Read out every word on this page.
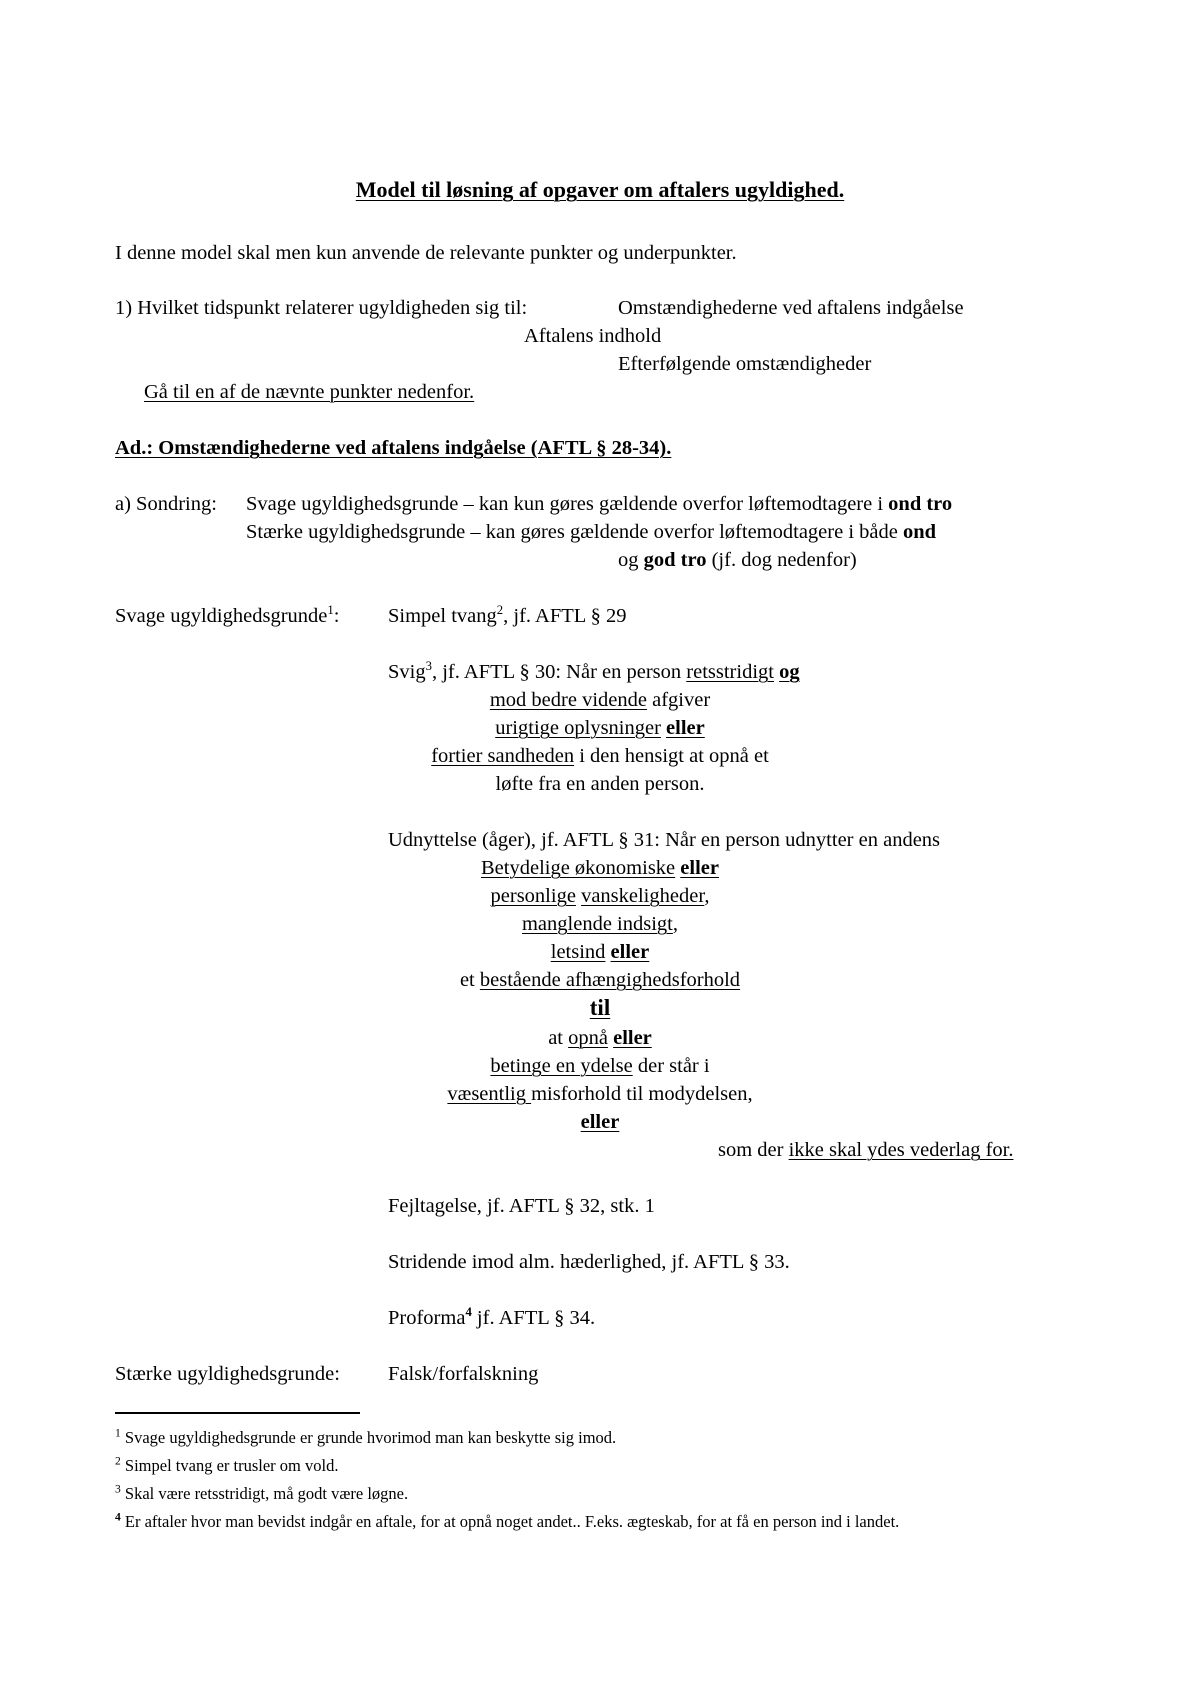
Model til løsning af opgaver om aftalers ugyldighed.
I denne model skal men kun anvende de relevante punkter og underpunkter.
1) Hvilket tidspunkt relaterer ugyldigheden sig til:	Omstændighederne ved aftalens indgåelse
Aftalens indhold
Efterfølgende omstændigheder
Gå til en af de nævnte punkter nedenfor.
Ad.: Omstændighederne ved aftalens indgåelse (AFTL § 28-34).
a) Sondring: Svage ugyldighedsgrunde – kan kun gøres gældende overfor løftemodtagere i ond tro
Stærke ugyldighedsgrunde – kan gøres gældende overfor løftemodtagere i både ond
og god tro (jf. dog nedenfor)
Svage ugyldighedsgrunde$^1$: Simpel tvang$^2$, jf. AFTL § 29
Svig$^3$, jf. AFTL § 30: Når en person retsstridigt og
mod bedre vidende afgiver
urigtige oplysninger eller
fortier sandheden i den hensigt at opnå et
løfte fra en anden person.
Udnyttelse (åger), jf. AFTL § 31: Når en person udnytter en andens
Betydelige økonomiske eller
personlige vanskeligheder,
manglende indsigt,
letsind eller
et bestående afhængighedsforhold
til
at opnå eller
betinge en ydelse der står i
væsentlig misforhold til modydelsen,
eller
som der ikke skal ydes vederlag for.
Fejltagelse, jf. AFTL § 32, stk. 1
Stridende imod alm. hæderlighed, jf. AFTL § 33.
Proforma$^4$ jf. AFTL § 34.
Stærke ugyldighedsgrunde: Falsk/forfalskning
$^1$ Svage ugyldighedsgrunde er grunde hvorimod man kan beskytte sig imod.
$^2$ Simpel tvang er trusler om vold.
$^3$ Skal være retsstridigt, må godt være løgne.
$^4$ Er aftaler hvor man bevidst indgår en aftale, for at opnå noget andet.. F.eks. ægteskab, for at få en person ind i landet.
